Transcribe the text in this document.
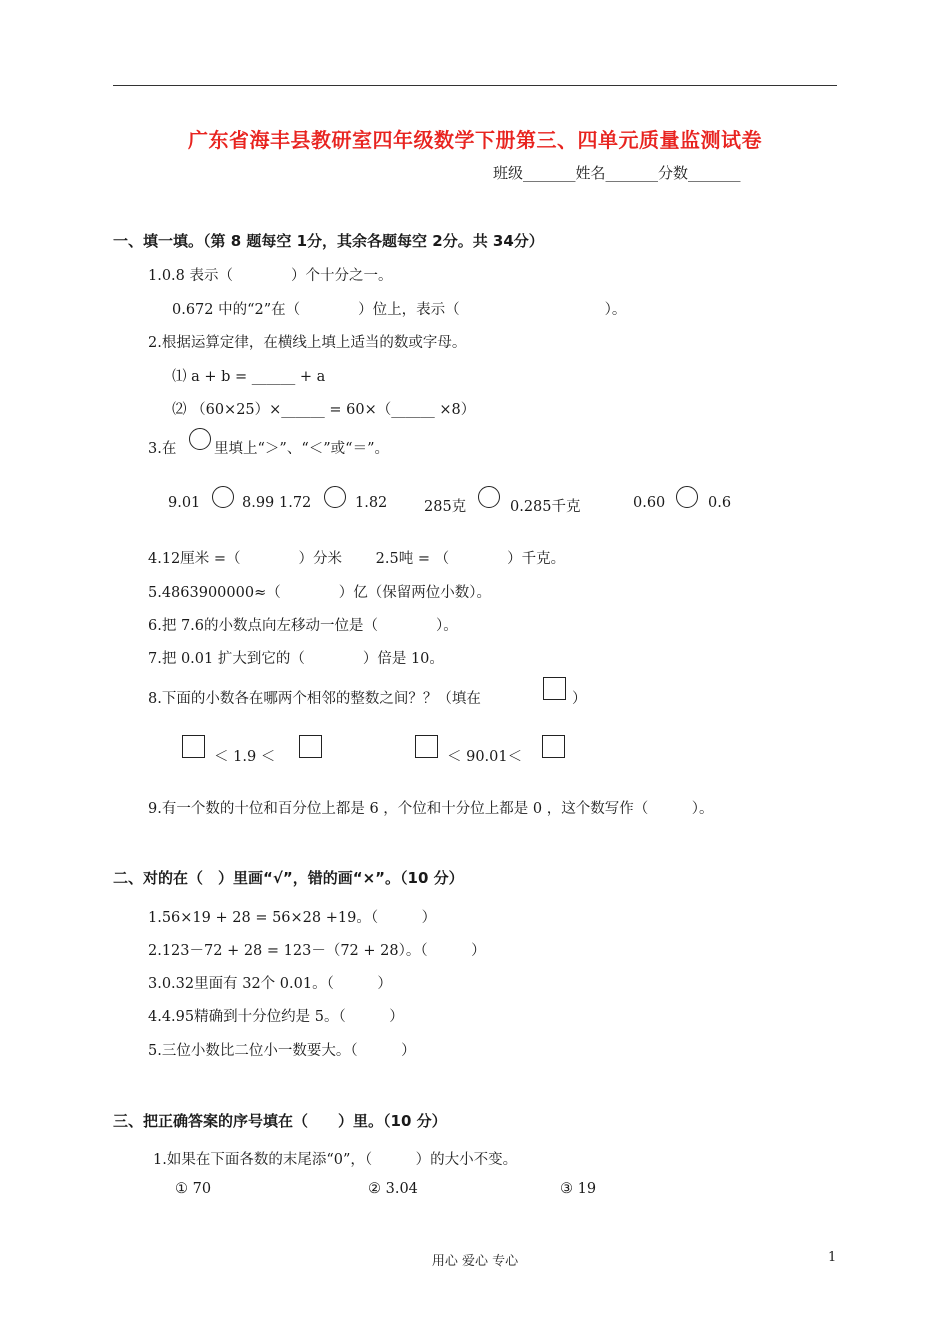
广东省海丰县教研室四年级数学下册第三、四单元质量监测试卷
班级_______姓名_______分数_______
一、填一填。（第 8 题每空 1分，其余各题每空 2分。共 34分）
1.0.8 表示（　　　　）个十分之一。
0.672 中的“2”在（　　　　）位上，表示（　　　　　　　　　　）。
2.根据运算定律，在横线上填上适当的数或字母。
⑴ a + b = ______ + a
⑵ （60×25）×______ = 60×（______ ×8）
3.在	里填上“＞”、“＜”或“＝”。
9.01	8.99 1.72	1.82	285克	0.285千克	0.60	0.6
4.12厘米 =（　　　　）分米　　 2.5吨 = （　　　　）千克。
5.4863900000≈（　　　　）亿（保留两位小数）。
6.把 7.6的小数点向左移动一位是（　　　　）。
7.把 0.01 扩大到它的（　　　　）倍是 10。
8.下面的小数各在哪两个相邻的整数之间？？（填在	）
＜ 1.9 ＜	＜ 90.01＜
9.有一个数的十位和百分位上都是 6 ，个位和十分位上都是 0 ，这个数写作（　　　）。
二、对的在（　）里画“√”，错的画“×”。（10 分）
1.56×19 + 28 = 56×28 +19。（　　　）
2.123－72 + 28 = 123－（72 + 28）。（　　　）
3.0.32里面有 32个 0.01。（　　　）
4.4.95精确到十分位约是 5。（　　　）
5.三位小数比二位小一数要大。（　　　）
三、把正确答案的序号填在（　　）里。（10 分）
1.如果在下面各数的末尾添“0”，（　　　）的大小不变。
① 70	② 3.04	③ 19
用心 爱心 专心	1
